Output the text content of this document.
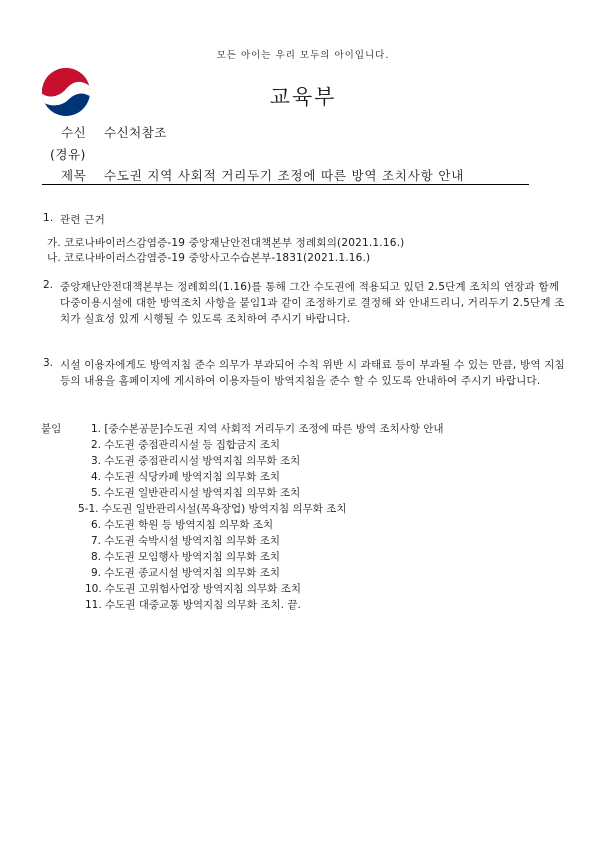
모든 아이는 우리 모두의 아이입니다.
교육부
수신 수신처참조
(경유)
제목 수도권 지역 사회적 거리두기 조정에 따른 방역 조치사항 안내
1. 관련 근거
가. 코로나바이러스감염증-19 중앙재난안전대책본부 정례회의(2021.1.16.)
나. 코로나바이러스감염증-19 중앙사고수습본부-1831(2021.1.16.)
2. 중앙재난안전대책본부는 정례회의(1.16)를 통해 그간 수도권에 적용되고 있던 2.5단계 조치의 연장과 함께 다중이용시설에 대한 방역조치 사항을 붙임1과 같이 조정하기로 결정해 와 안내드리니, 거리두기 2.5단계 조치가 실효성 있게 시행될 수 있도록 조치하여 주시기 바랍니다.
3. 시설 이용자에게도 방역지침 준수 의무가 부과되어 수칙 위반 시 과태료 등이 부과될 수 있는 만큼, 방역 지침 등의 내용을 홈페이지에 게시하여 이용자들이 방역지침을 준수 할 수 있도록 안내하여 주시기 바랍니다.
붙임	1. [중수본공문]수도권 지역 사회적 거리두기 조정에 따른 방역 조치사항 안내
2. 수도권 중점관리시설 등 집합금지 조치
3. 수도권 중점관리시설 방역지침 의무화 조치
4. 수도권 식당카페 방역지침 의무화 조치
5. 수도권 일반관리시설 방역지침 의무화 조치
5-1. 수도권 일반관리시설(목욕장업) 방역지침 의무화 조치
6. 수도권 학원 등 방역지침 의무화 조치
7. 수도권 숙박시설 방역지침 의무화 조치
8. 수도권 모임행사 방역지침 의무화 조치
9. 수도권 종교시설 방역지침 의무화 조치
10. 수도권 고위험사업장 방역지침 의무화 조치
11. 수도권 대중교통 방역지침 의무화 조치. 끝.
